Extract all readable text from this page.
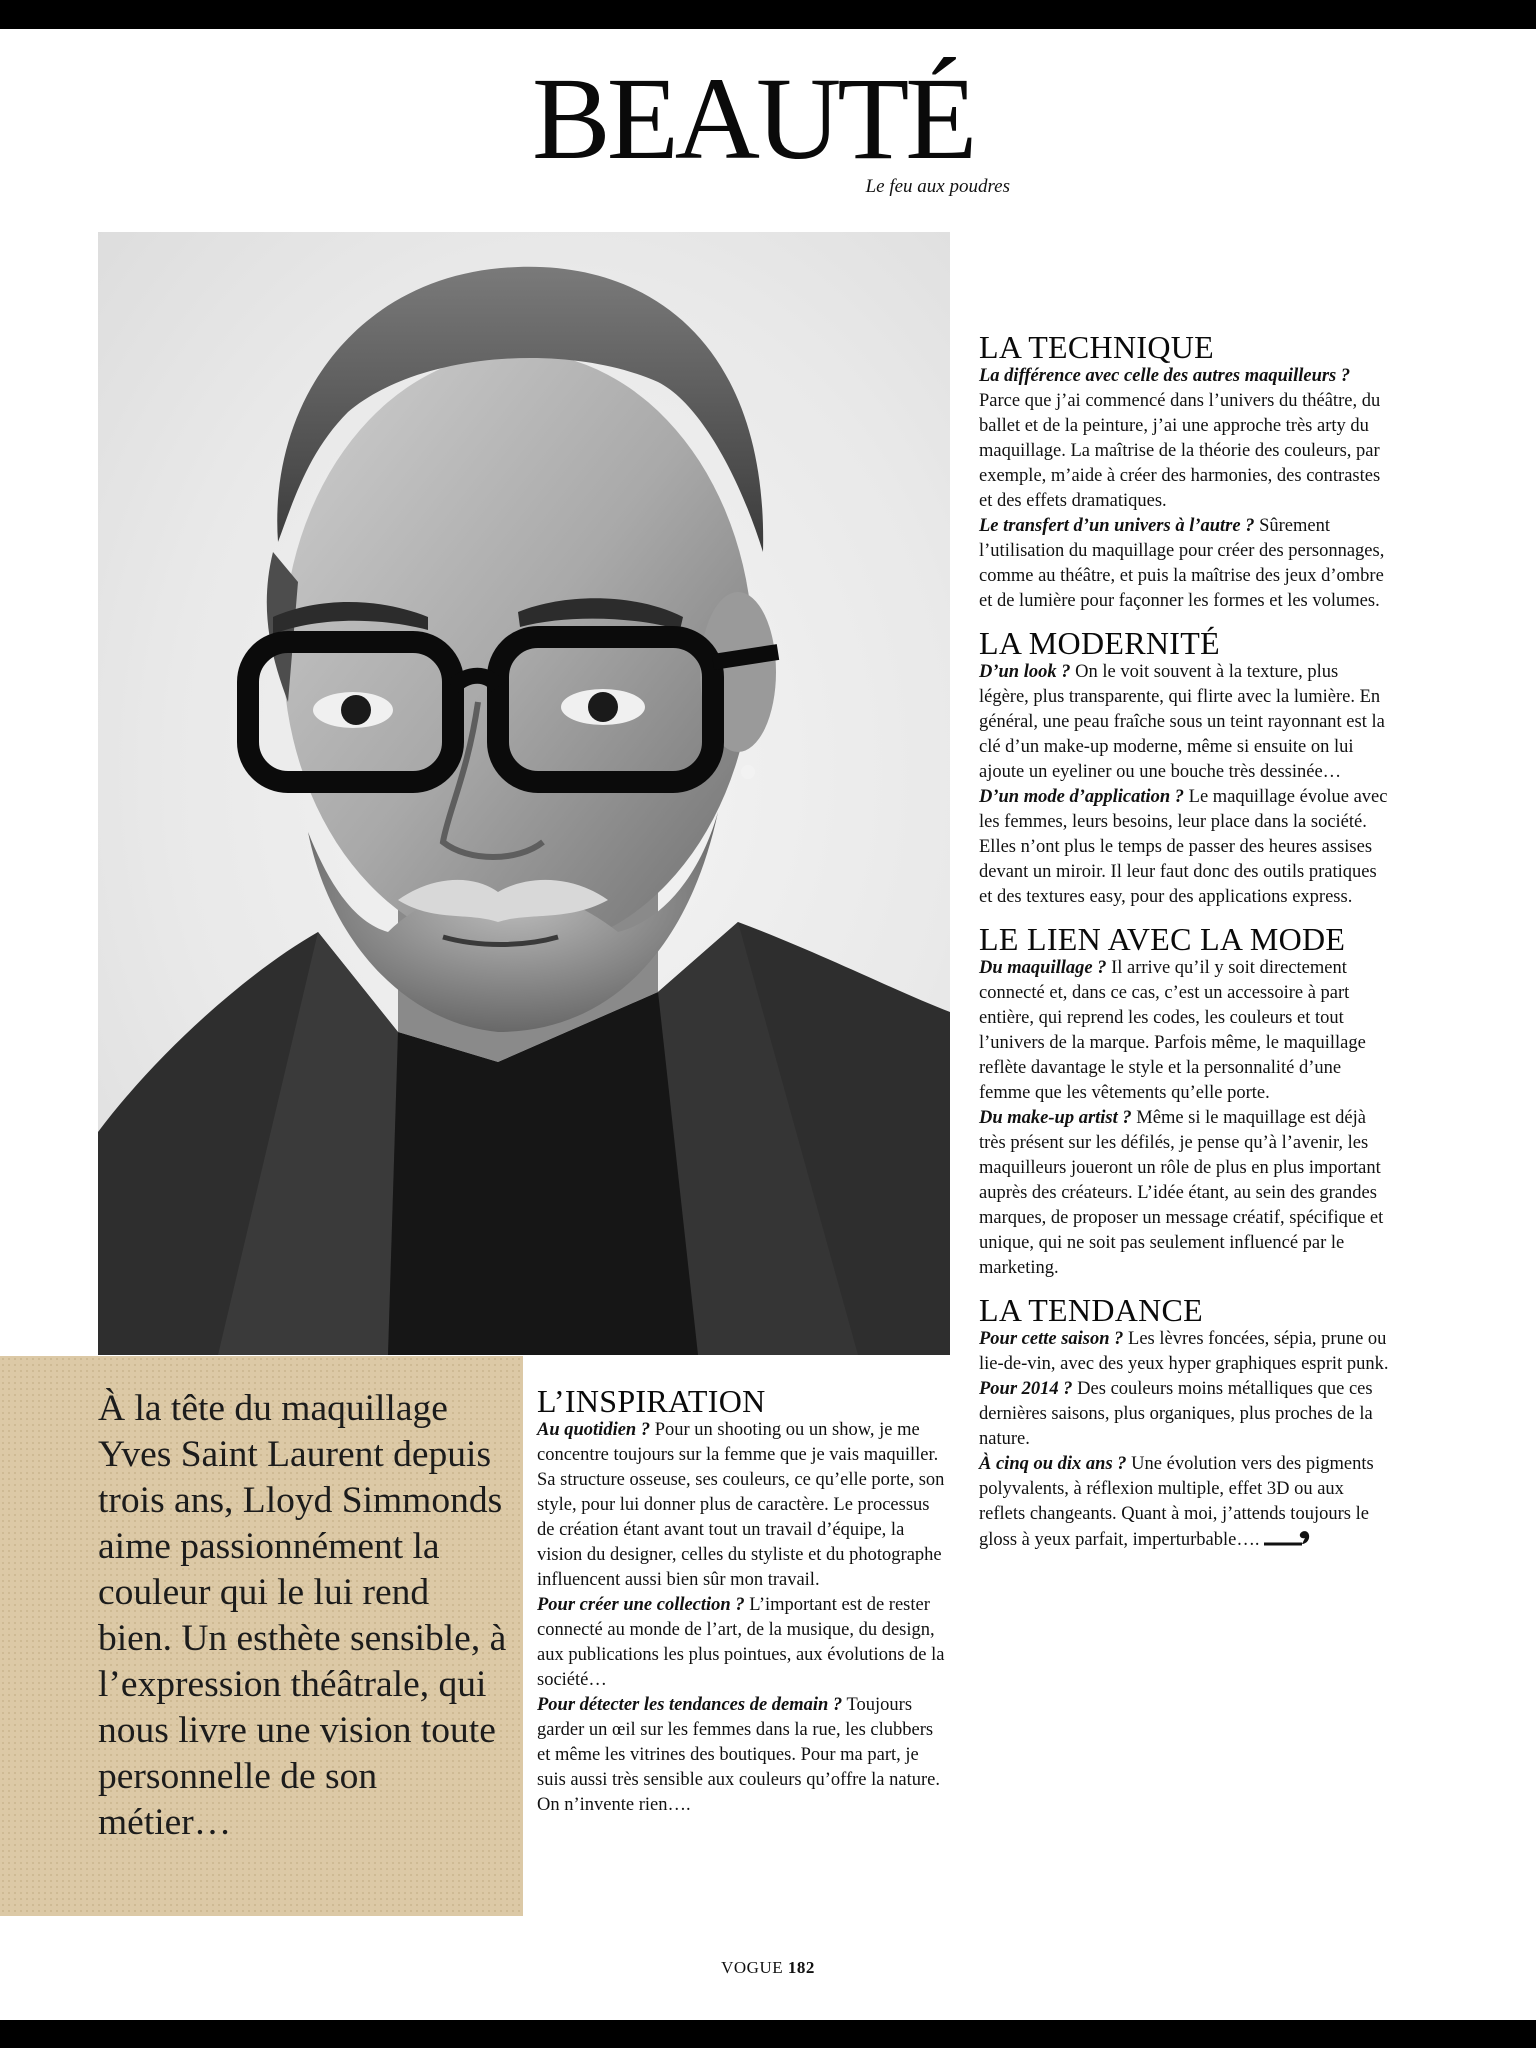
BEAUTÉ
Le feu aux poudres

À la tête du maquillage Yves Saint Laurent depuis trois ans, Lloyd Simmonds aime passionnément la couleur qui le lui rend bien. Un esthète sensible, à l’expression théâtrale, qui nous livre une vision toute personnelle de son métier…

L’INSPIRATION

Au quotidien ? Pour un shooting ou un show, je me concentre toujours sur la femme que je vais maquiller. Sa structure osseuse, ses couleurs, ce qu’elle porte, son style, pour lui donner plus de caractère. Le processus de création étant avant tout un travail d’équipe, la vision du designer, celles du styliste et du photographe influencent aussi bien sûr mon travail.

Pour créer une collection ? L’important est de rester connecté au monde de l’art, de la musique, du design, aux publications les plus pointues, aux évolutions de la société…

Pour détecter les tendances de demain ? Toujours garder un œil sur les femmes dans la rue, les clubbers et même les vitrines des boutiques. Pour ma part, je suis aussi très sensible aux couleurs qu’offre la nature. On n’invente rien….

LA TECHNIQUE

La différence avec celle des autres maquilleurs ? Parce que j’ai commencé dans l’univers du théâtre, du ballet et de la peinture, j’ai une approche très arty du maquillage. La maîtrise de la théorie des couleurs, par exemple, m’aide à créer des harmonies, des contrastes et des effets dramatiques.

Le transfert d’un univers à l’autre ? Sûrement l’utilisation du maquillage pour créer des personnages, comme au théâtre, et puis la maîtrise des jeux d’ombre et de lumière pour façonner les formes et les volumes.

LA MODERNITÉ

D’un look ? On le voit souvent à la texture, plus légère, plus transparente, qui flirte avec la lumière. En général, une peau fraîche sous un teint rayonnant est la clé d’un make-up moderne, même si ensuite on lui ajoute un eyeliner ou une bouche très dessinée…

D’un mode d’application ? Le maquillage évolue avec les femmes, leurs besoins, leur place dans la société. Elles n’ont plus le temps de passer des heures assises devant un miroir. Il leur faut donc des outils pratiques et des textures easy, pour des applications express.

LE LIEN AVEC LA MODE

Du maquillage ? Il arrive qu’il y soit directement connecté et, dans ce cas, c’est un accessoire à part entière, qui reprend les codes, les couleurs et tout l’univers de la marque. Parfois même, le maquillage reflète davantage le style et la personnalité d’une femme que les vêtements qu’elle porte.

Du make-up artist ? Même si le maquillage est déjà très présent sur les défilés, je pense qu’à l’avenir, les maquilleurs joueront un rôle de plus en plus important auprès des créateurs. L’idée étant, au sein des grandes marques, de proposer un message créatif, spécifique et unique, qui ne soit pas seulement influencé par le marketing.

LA TENDANCE

Pour cette saison ? Les lèvres foncées, sépia, prune ou lie-de-vin, avec des yeux hyper graphiques esprit punk.

Pour 2014 ? Des couleurs moins métalliques que ces dernières saisons, plus organiques, plus proches de la nature.

À cinq ou dix ans ? Une évolution vers des pigments polyvalents, à réflexion multiple, effet 3D ou aux reflets changeants. Quant à moi, j’attends toujours le gloss à yeux parfait, imperturbable….

VOGUE 182
